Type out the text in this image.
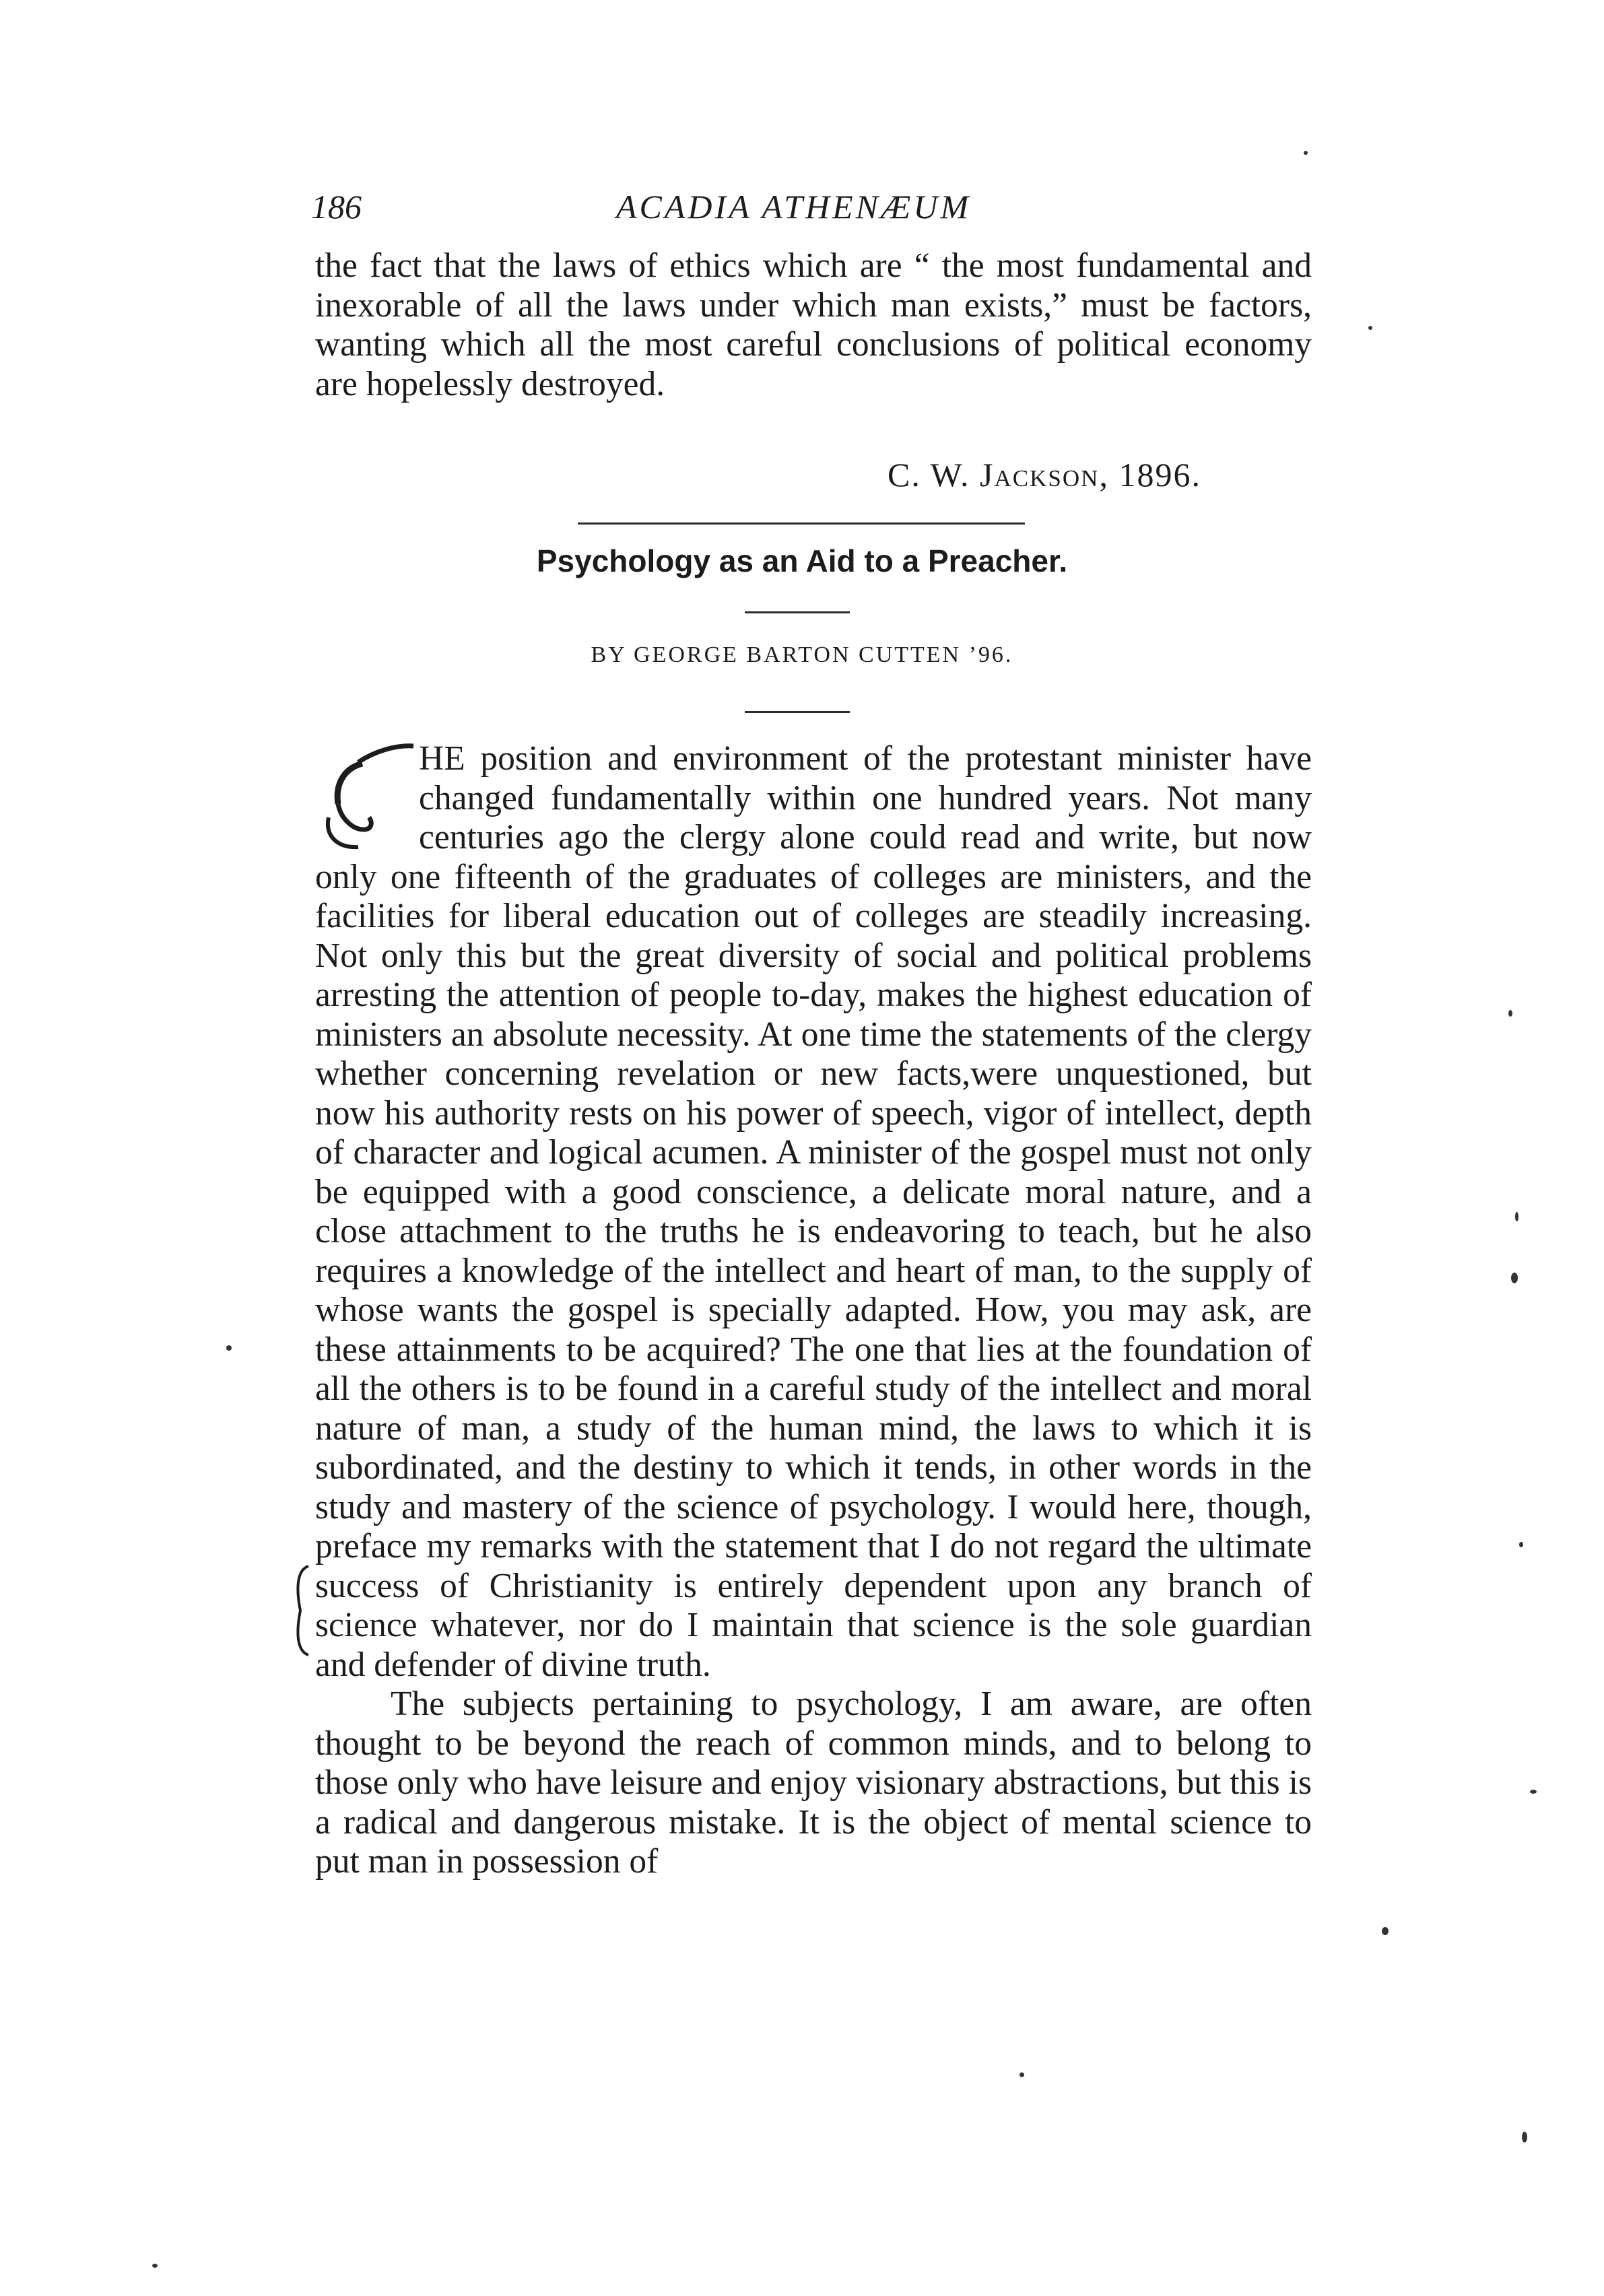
186	ACADIA ATHENÆUM

the fact that the laws of ethics which are “ the most fundamental and inexorable of all the laws under which man exists,” must be factors, wanting which all the most careful conclusions of political economy are hopelessly destroyed.

C. W. Jackson, 1896.
Psychology as an Aid to a Preacher.
BY GEORGE BARTON CUTTEN ’96.

HE position and environment of the protestant minister have changed fundamentally within one hundred years. Not many centuries ago the clergy alone could read and write, but now only one fifteenth of the graduates of colleges are ministers, and the facilities for liberal education out of colleges are steadily increasing. Not only this but the great diversity of social and political problems arresting the attention of people to-day, makes the highest education of ministers an absolute necessity. At one time the statements of the clergy whether concerning revelation or new facts,were unquestioned, but now his authority rests on his power of speech, vigor of intellect, depth of character and logical acumen. A minister of the gospel must not only be equipped with a good conscience, a delicate moral nature, and a close attachment to the truths he is endeavoring to teach, but he also requires a knowledge of the intellect and heart of man, to the supply of whose wants the gospel is specially adapted. How, you may ask, are these attainments to be acquired? The one that lies at the foundation of all the others is to be found in a careful study of the intellect and moral nature of man, a study of the human mind, the laws to which it is subordinated, and the destiny to which it tends, in other words in the study and mastery of the science of psychology. I would here, though, preface my remarks with the statement that I do not regard the ultimate success of Christianity is entirely dependent upon any branch of science whatever, nor do I maintain that science is the sole guardian and defender of divine truth.

The subjects pertaining to psychology, I am aware, are often thought to be beyond the reach of common minds, and to belong to those only who have leisure and enjoy visionary abstractions, but this is a radical and dangerous mistake. It is the object of mental science to put man in possession of
